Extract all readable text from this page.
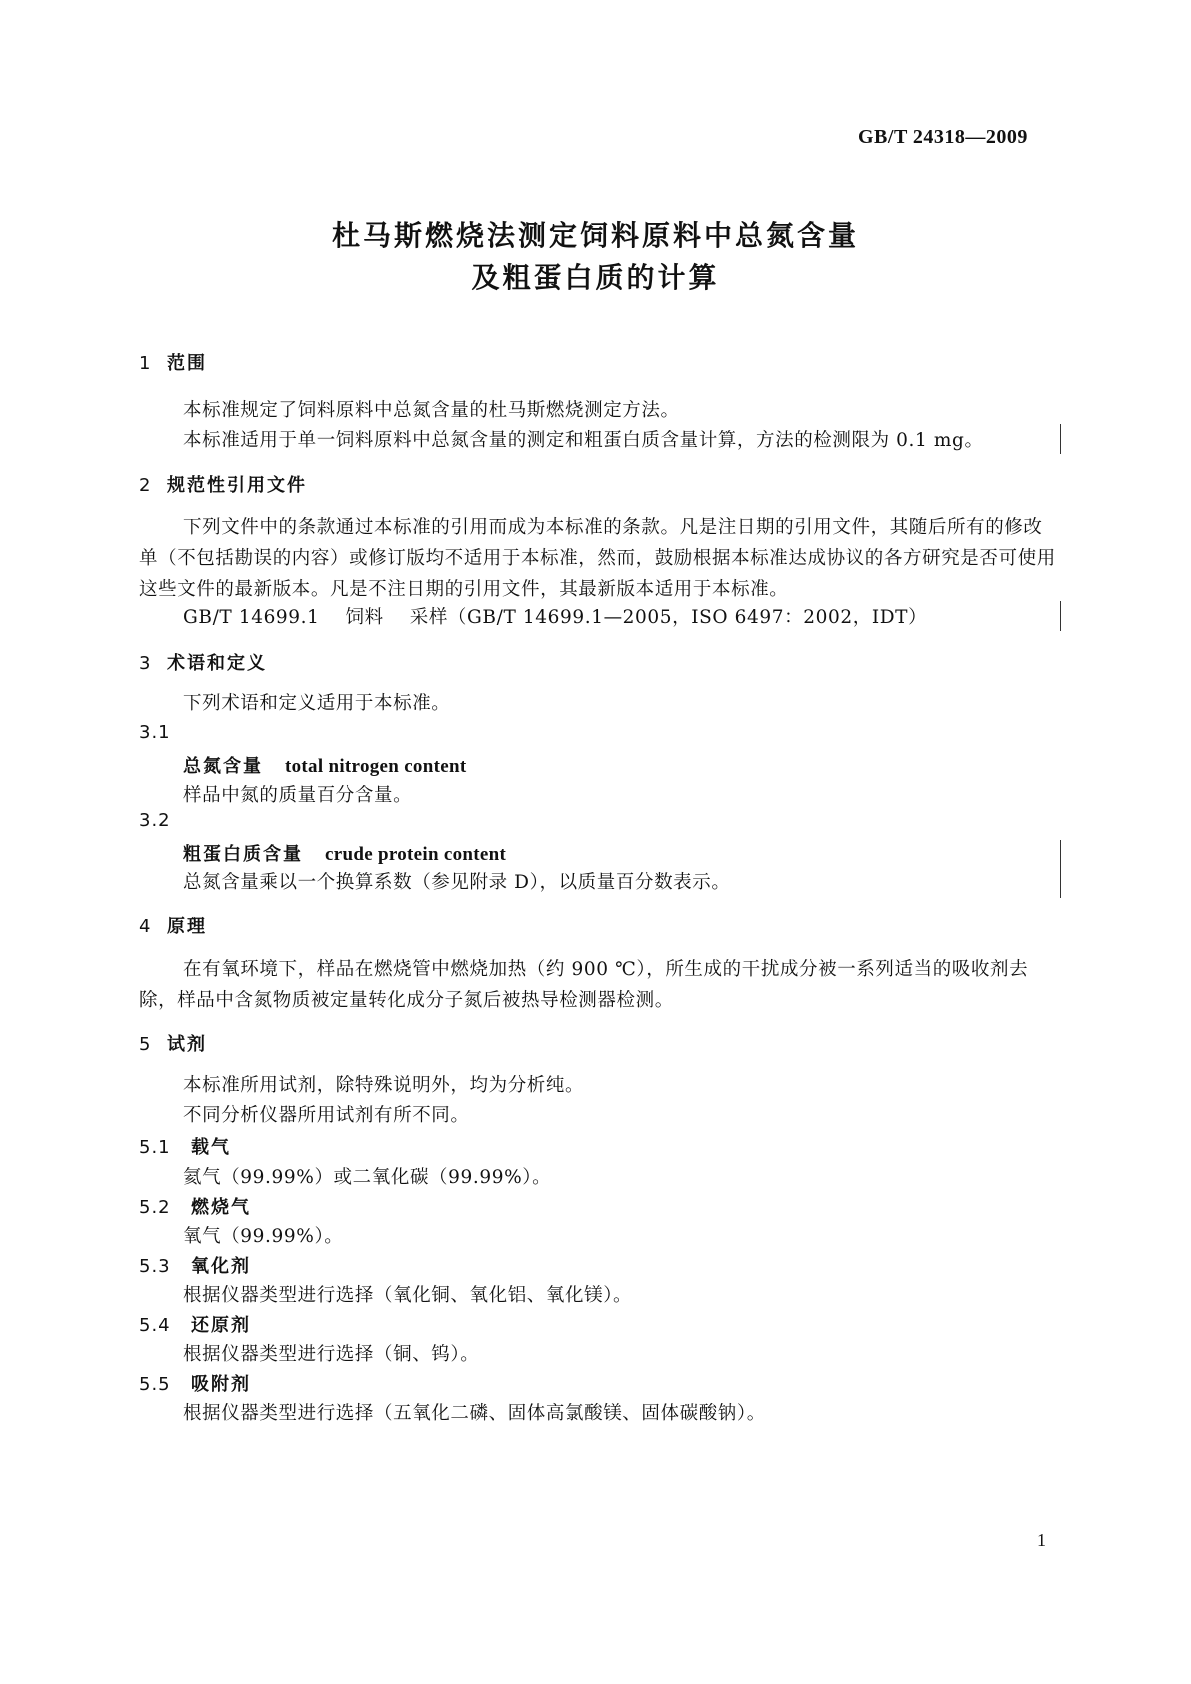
GB/T 24318—2009
杜马斯燃烧法测定饲料原料中总氮含量
及粗蛋白质的计算
1 范围

本标准规定了饲料原料中总氮含量的杜马斯燃烧测定方法。

本标准适用于单一饲料原料中总氮含量的测定和粗蛋白质含量计算，方法的检测限为 0.1 mg。

2 规范性引用文件

下列文件中的条款通过本标准的引用而成为本标准的条款。凡是注日期的引用文件，其随后所有的修改单（不包括勘误的内容）或修订版均不适用于本标准，然而，鼓励根据本标准达成协议的各方研究是否可使用这些文件的最新版本。凡是不注日期的引用文件，其最新版本适用于本标准。

GB/T 14699.1 饲料 采样（GB/T 14699.1—2005，ISO 6497：2002，IDT）

3 术语和定义

下列术语和定义适用于本标准。

3.1
总氮含量 total nitrogen content

样品中氮的质量百分含量。

3.2
粗蛋白质含量 crude protein content

总氮含量乘以一个换算系数（参见附录 D），以质量百分数表示。

4 原理

在有氧环境下，样品在燃烧管中燃烧加热（约 900 ℃），所生成的干扰成分被一系列适当的吸收剂去除，样品中含氮物质被定量转化成分子氮后被热导检测器检测。

5 试剂

本标准所用试剂，除特殊说明外，均为分析纯。

不同分析仪器所用试剂有所不同。

5.1 载气

氦气（99.99%）或二氧化碳（99.99%）。

5.2 燃烧气

氧气（99.99%）。

5.3 氧化剂

根据仪器类型进行选择（氧化铜、氧化铝、氧化镁）。

5.4 还原剂

根据仪器类型进行选择（铜、钨）。

5.5 吸附剂

根据仪器类型进行选择（五氧化二磷、固体高氯酸镁、固体碳酸钠）。

1
